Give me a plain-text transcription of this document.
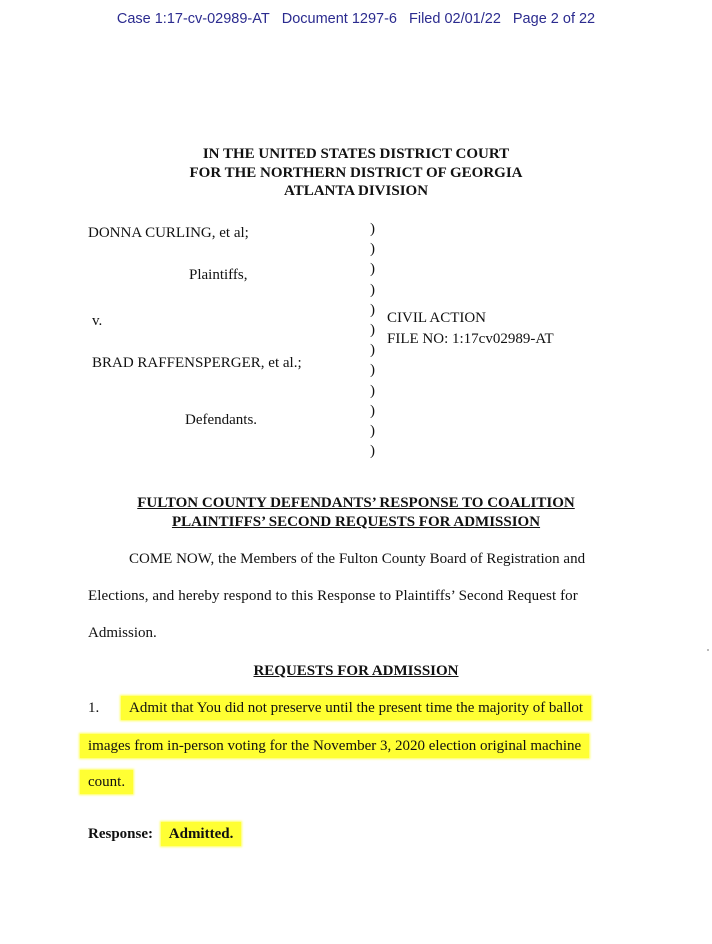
Case 1:17-cv-02989-AT Document 1297-6 Filed 02/01/22 Page 2 of 22
IN THE UNITED STATES DISTRICT COURT
FOR THE NORTHERN DISTRICT OF GEORGIA
ATLANTA DIVISION
DONNA CURLING, et al;
Plaintiffs,
v.
BRAD RAFFENSPERGER, et al.;
Defendants.
)
)
)
)
)
)
)
)
)
)
)
)
CIVIL ACTION
FILE NO: 1:17cv02989-AT
FULTON COUNTY DEFENDANTS’ RESPONSE TO COALITION
PLAINTIFFS’ SECOND REQUESTS FOR ADMISSION
COME NOW, the Members of the Fulton County Board of Registration and
Elections, and hereby respond to this Response to Plaintiffs’ Second Request for
Admission.
REQUESTS FOR ADMISSION
1.	Admit that You did not preserve until the present time the majority of ballot
images from in-person voting for the November 3, 2020 election original machine
count.
Response: Admitted.
